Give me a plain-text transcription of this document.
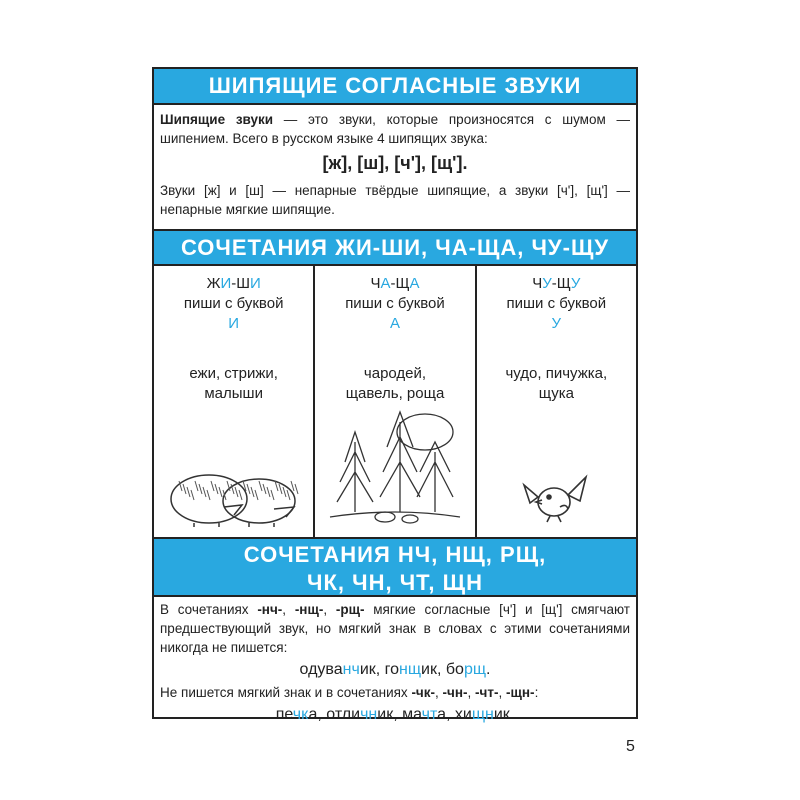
ШИПЯЩИЕ СОГЛАСНЫЕ ЗВУКИ
Шипящие звуки — это звуки, которые произносятся с шумом — шипением. Всего в русском языке 4 шипящих звука:
[ж], [ш], [ч'], [щ'].
Звуки [ж] и [ш] — непарные твёрдые шипящие, а звуки [ч'], [щ'] — непарные мягкие шипящие.
СОЧЕТАНИЯ ЖИ-ШИ, ЧА-ЩА, ЧУ-ЩУ
ЖИ-ШИ
пиши с буквой
И
ежи, стрижи, малыши
ЧА-ЩА
пиши с буквой
А
чародей, щавель, роща
ЧУ-ЩУ
пиши с буквой
У
чудо, пичужка, щука
СОЧЕТАНИЯ НЧ, НЩ, РЩ,
ЧК, ЧН, ЧТ, ЩН
В сочетаниях -нч-, -нщ-, -рщ- мягкие согласные [ч'] и [щ'] смягчают предшествующий звук, но мягкий знак в словах с этими сочетаниями никогда не пишется:
одуванчик, гонщик, борщ.
Не пишется мягкий знак и в сочетаниях -чк-, -чн-, -чт-, -щн-:
печка, отличник, мачта, хищник.
5
